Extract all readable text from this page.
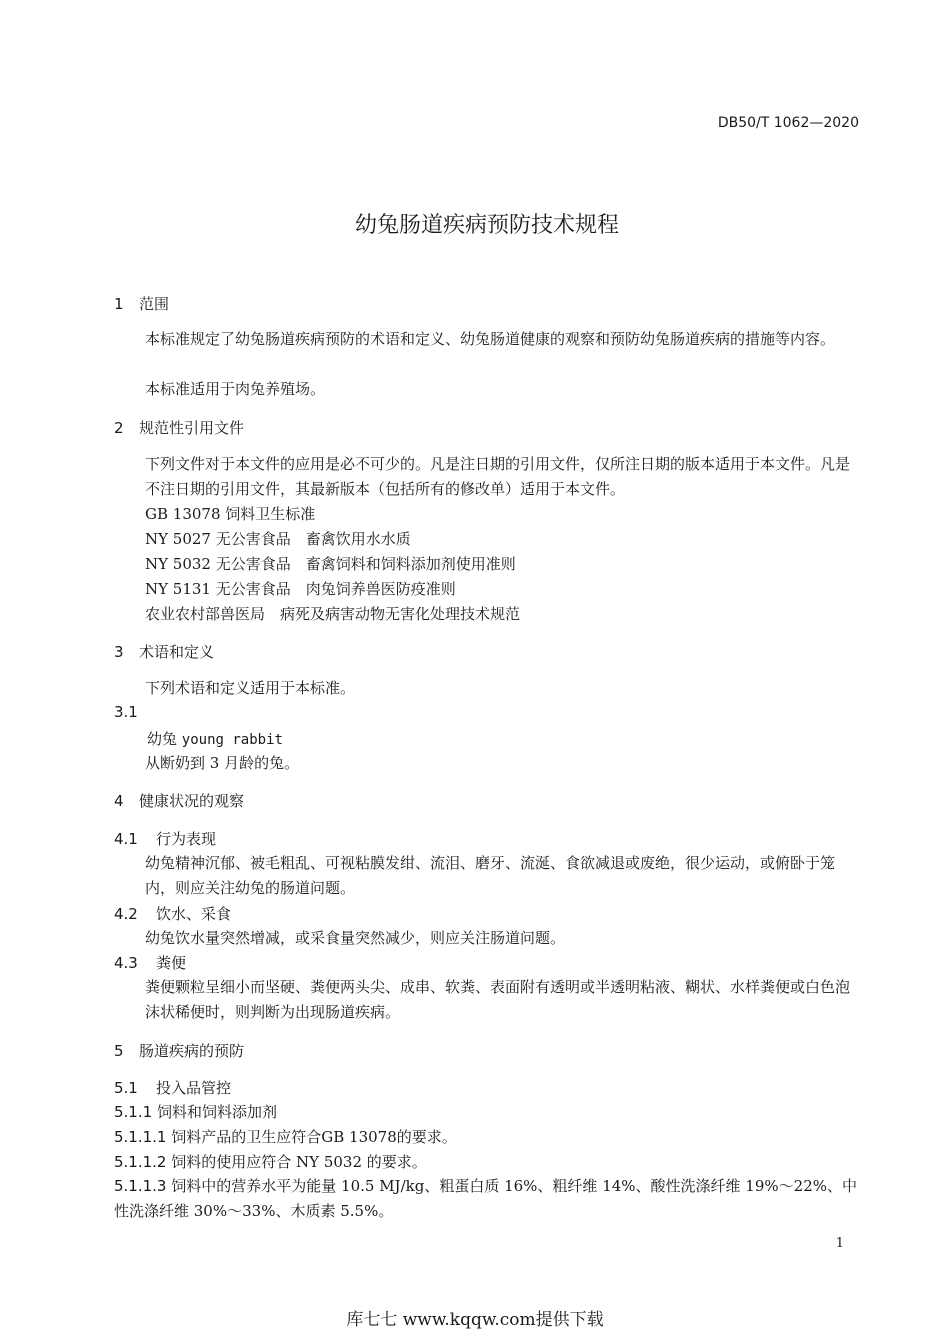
DB50/T 1062—2020
幼兔肠道疾病预防技术规程
1 范围
本标准规定了幼兔肠道疾病预防的术语和定义、幼兔肠道健康的观察和预防幼兔肠道疾病的措施等内容。
本标准适用于肉兔养殖场。
2 规范性引用文件
下列文件对于本文件的应用是必不可少的。凡是注日期的引用文件，仅所注日期的版本适用于本文件。凡是不注日期的引用文件，其最新版本（包括所有的修改单）适用于本文件。
GB 13078 饲料卫生标准
NY 5027 无公害食品　畜禽饮用水水质
NY 5032 无公害食品　畜禽饲料和饲料添加剂使用准则
NY 5131 无公害食品　肉兔饲养兽医防疫准则
农业农村部兽医局　病死及病害动物无害化处理技术规范
3 术语和定义
下列术语和定义适用于本标准。
3.1
幼兔 young rabbit
从断奶到 3 月龄的兔。
4 健康状况的观察
4.1 行为表现
幼兔精神沉郁、被毛粗乱、可视粘膜发绀、流泪、磨牙、流涎、食欲减退或废绝，很少运动，或俯卧于笼内，则应关注幼兔的肠道问题。
4.2 饮水、采食
幼兔饮水量突然增减，或采食量突然减少，则应关注肠道问题。
4.3 粪便
粪便颗粒呈细小而坚硬、粪便两头尖、成串、软粪、表面附有透明或半透明粘液、糊状、水样粪便或白色泡沫状稀便时，则判断为出现肠道疾病。
5 肠道疾病的预防
5.1 投入品管控
5.1.1 饲料和饲料添加剂
5.1.1.1 饲料产品的卫生应符合GB 13078的要求。
5.1.1.2 饲料的使用应符合 NY 5032 的要求。
5.1.1.3 饲料中的营养水平为能量 10.5 MJ/kg、粗蛋白质 16%、粗纤维 14%、酸性洗涤纤维 19%～22%、中性洗涤纤维 30%～33%、木质素 5.5%。
1
库七七 www.kqqw.com提供下载
